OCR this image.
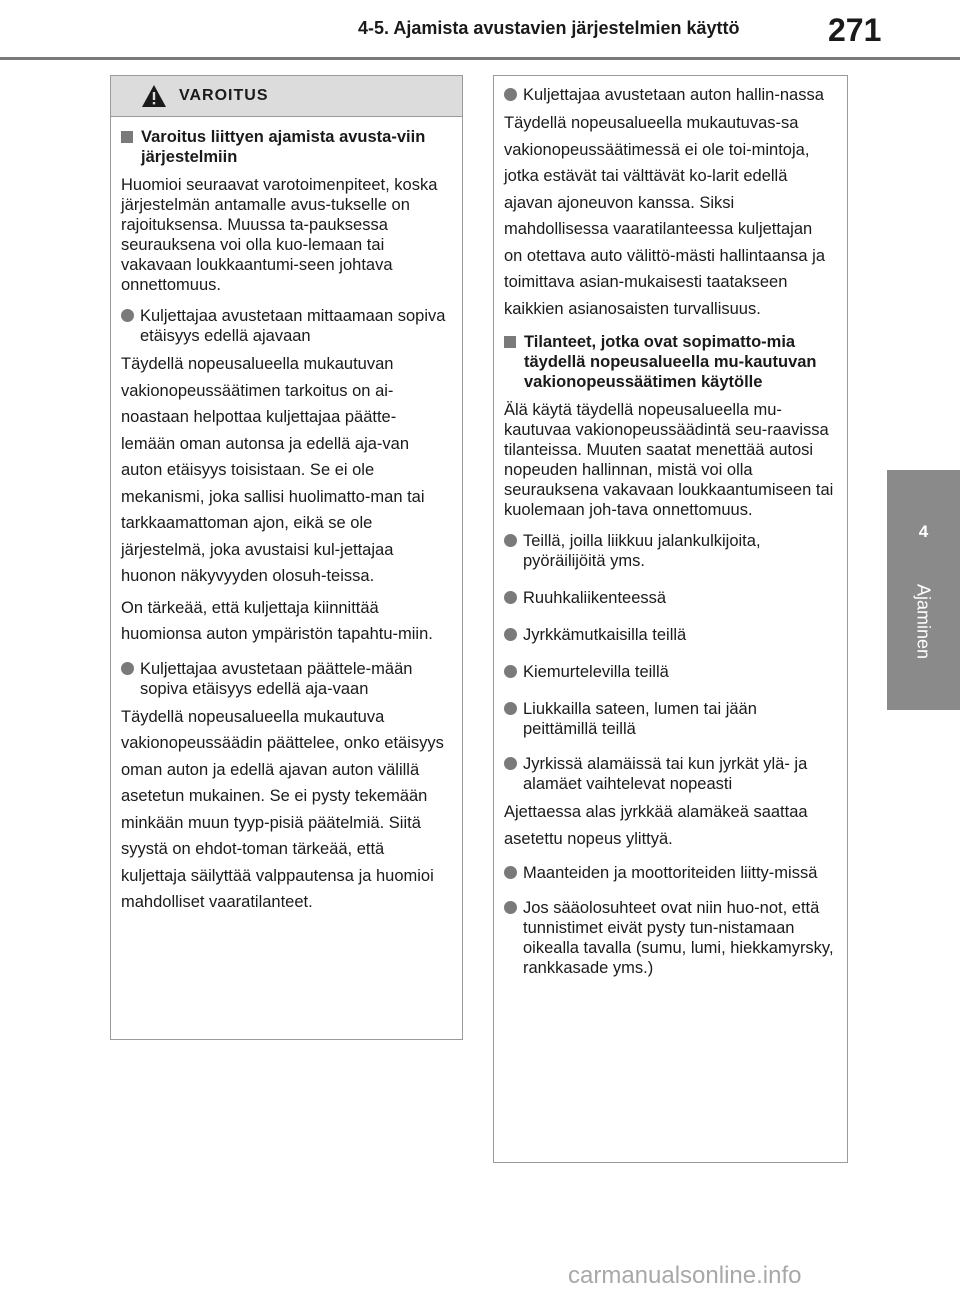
4-5. Ajamista avustavien järjestelmien käyttö	271
4
Ajaminen
VAROITUS
Varoitus liittyen ajamista avusta-viin järjestelmiin
Huomioi seuraavat varotoimenpiteet, koska järjestelmän antamalle avus-tukselle on rajoituksensa. Muussa ta-pauksessa seurauksena voi olla kuo-lemaan tai vakavaan loukkaantumi-seen johtava onnettomuus.
Kuljettajaa avustetaan mittaamaan sopiva etäisyys edellä ajavaan
Täydellä nopeusalueella mukautuvan vakionopeussäätimen tarkoitus on ai-noastaan helpottaa kuljettajaa päätte-lemään oman autonsa ja edellä aja-van auton etäisyys toisistaan. Se ei ole mekanismi, joka sallisi huolimatto-man tai tarkkaamattoman ajon, eikä se ole järjestelmä, joka avustaisi kul-jettajaa huonon näkyvyyden olosuh-teissa.
On tärkeää, että kuljettaja kiinnittää huomionsa auton ympäristön tapahtu-miin.
Kuljettajaa avustetaan päättele-mään sopiva etäisyys edellä aja-vaan
Täydellä nopeusalueella mukautuva vakionopeussäädin päättelee, onko etäisyys oman auton ja edellä ajavan auton välillä asetetun mukainen. Se ei pysty tekemään minkään muun tyyp-pisiä päätelmiä. Siitä syystä on ehdot-toman tärkeää, että kuljettaja säilyttää valppautensa ja huomioi mahdolliset vaaratilanteet.
Kuljettajaa avustetaan auton hallin-nassa
Täydellä nopeusalueella mukautuvas-sa vakionopeussäätimessä ei ole toi-mintoja, jotka estävät tai välttävät ko-larit edellä ajavan ajoneuvon kanssa. Siksi mahdollisessa vaaratilanteessa kuljettajan on otettava auto välittö-mästi hallintaansa ja toimittava asian-mukaisesti taatakseen kaikkien asianosaisten turvallisuus.
Tilanteet, jotka ovat sopimatto-mia täydellä nopeusalueella mu-kautuvan vakionopeussäätimen käytölle
Älä käytä täydellä nopeusalueella mu-kautuvaa vakionopeussäädintä seu-raavissa tilanteissa. Muuten saatat menettää autosi nopeuden hallinnan, mistä voi olla seurauksena vakavaan loukkaantumiseen tai kuolemaan joh-tava onnettomuus.
Teillä, joilla liikkuu jalankulkijoita, pyöräilijöitä yms.
Ruuhkaliikenteessä
Jyrkkämutkaisilla teillä
Kiemurtelevilla teillä
Liukkailla sateen, lumen tai jään peittämillä teillä
Jyrkissä alamäissä tai kun jyrkät ylä- ja alamäet vaihtelevat nopeasti
Ajettaessa alas jyrkkää alamäkeä saattaa asetettu nopeus ylittyä.
Maanteiden ja moottoriteiden liitty-missä
Jos sääolosuhteet ovat niin huo-not, että tunnistimet eivät pysty tun-nistamaan oikealla tavalla (sumu, lumi, hiekkamyrsky, rankkasade yms.)
carmanualsonline.info
